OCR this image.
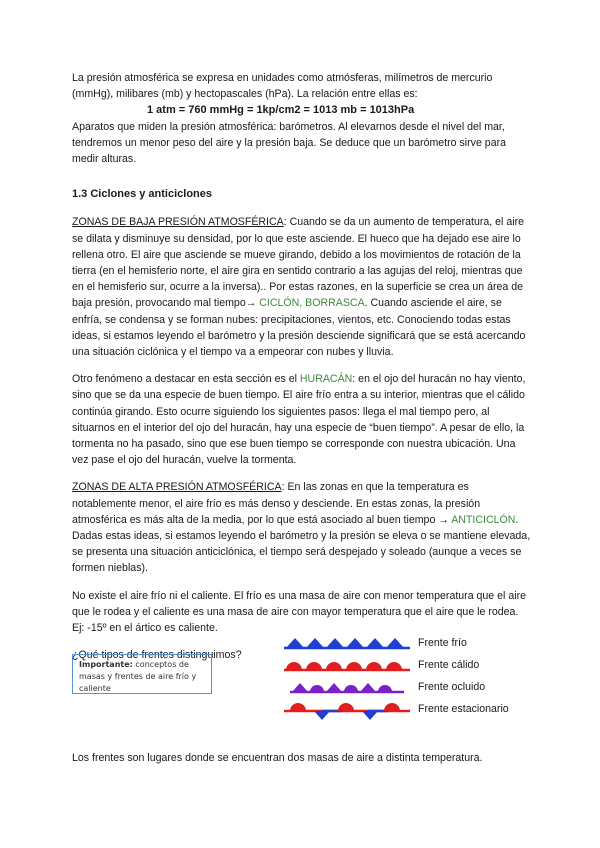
La presión atmosférica se expresa en unidades como atmósferas, milímetros de mercurio (mmHg), milibares (mb) y hectopascales (hPa). La relación entre ellas es:

1 atm = 760 mmHg = 1kp/cm2 = 1013 mb = 1013hPa

Aparatos que miden la presión atmosférica: barómetros. Al elevarnos desde el nivel del mar, tendremos un menor peso del aire y la presión baja. Se deduce que un barómetro sirve para medir alturas.

1.3 Ciclones y anticiclones

ZONAS DE BAJA PRESIÓN ATMOSFÉRICA: Cuando se da un aumento de temperatura, el aire se dilata y disminuye su densidad, por lo que este asciende. El hueco que ha dejado ese aire lo rellena otro. El aire que asciende se mueve girando, debido a los movimientos de rotación de la tierra (en el hemisferio norte, el aire gira en sentido contrario a las agujas del reloj, mientras que en el hemisferio sur, ocurre a la inversa).. Por estas razones, en la superficie se crea un área de baja presión, provocando mal tiempo→ CICLÓN, BORRASCA. Cuando asciende el aire, se enfría, se condensa y se forman nubes: precipitaciones, vientos, etc. Conociendo todas estas ideas, si estamos leyendo el barómetro y la presión desciende significará que se está acercando una situación ciclónica y el tiempo va a empeorar con nubes y lluvia.

Otro fenómeno a destacar en esta sección es el HURACÁN: en el ojo del huracán no hay viento, sino que se da una especie de buen tiempo. El aire frío entra a su interior, mientras que el cálido continúa girando. Esto ocurre siguiendo los siguientes pasos: llega el mal tiempo pero, al situarnos en el interior del ojo del huracán, hay una especie de “buen tiempo”. A pesar de ello, la tormenta no ha pasado, sino que ese buen tiempo se corresponde con nuestra ubicación. Una vez pase el ojo del huracán, vuelve la tormenta.

ZONAS DE ALTA PRESIÓN ATMOSFÉRICA: En las zonas en que la temperatura es notablemente menor, el aire frío es más denso y desciende. En estas zonas, la presión atmosférica es más alta de la media, por lo que está asociado al buen tiempo → ANTICICLÓN. Dadas estas ideas, si estamos leyendo el barómetro y la presión se eleva o se mantiene elevada, se presenta una situación anticiclónica, el tiempo será despejado y soleado (aunque a veces se formen nieblas).

No existe el aire frío ni el caliente. El frío es una masa de aire con menor temperatura que el aire que le rodea y el caliente es una masa de aire con mayor temperatura que el aire que le rodea. Ej: -15º en el ártico es caliente.

¿Qué tipos de frentes distinguimos?

Frente frío
Frente cálido
Frente ocluido
Frente estacionario
Importante: conceptos de masas y frentes de aire frío y caliente

Los frentes son lugares donde se encuentran dos masas de aire a distinta temperatura.
